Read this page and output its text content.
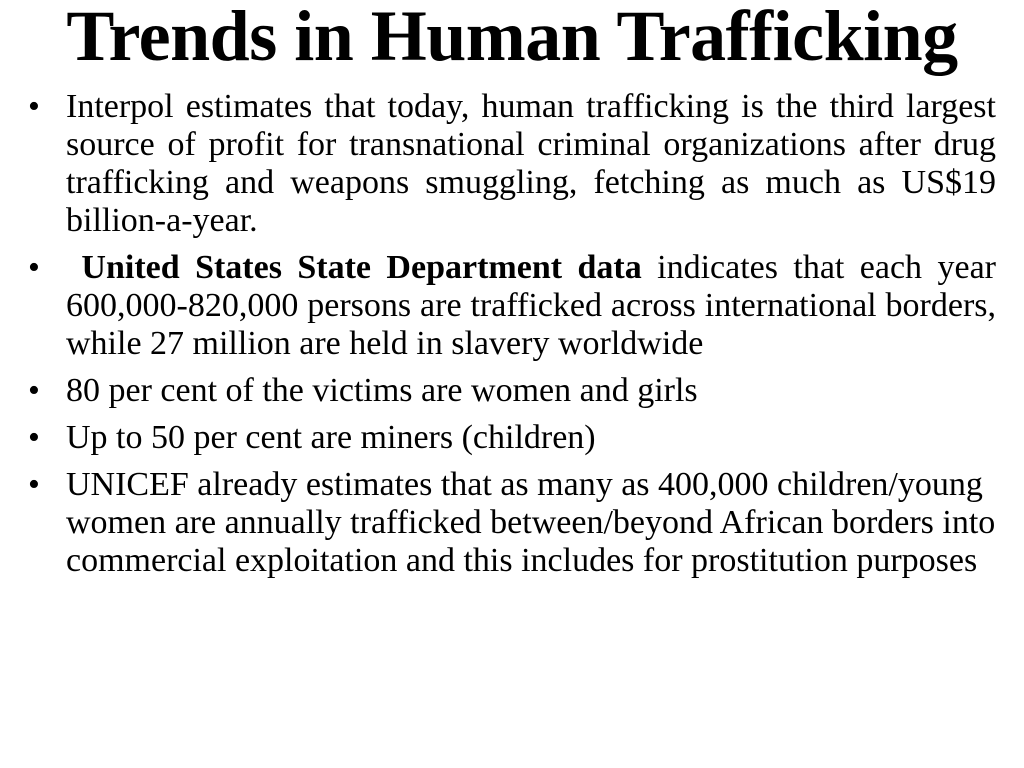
Trends in Human Trafficking
• Interpol estimates that today, human trafficking is the third largest source of profit for transnational criminal organizations after drug trafficking and weapons smuggling, fetching as much as US$19 billion-a-year.
•	United States State Department data indicates that each year 600,000-820,000 persons are trafficked across international borders, while 27 million are held in slavery worldwide
• 80 per cent of the victims are women and girls
• Up to 50 per cent are miners (children)
• UNICEF already estimates that as many as 400,000 children/young women are annually trafficked between/beyond African borders into commercial exploitation and this includes for prostitution purposes
